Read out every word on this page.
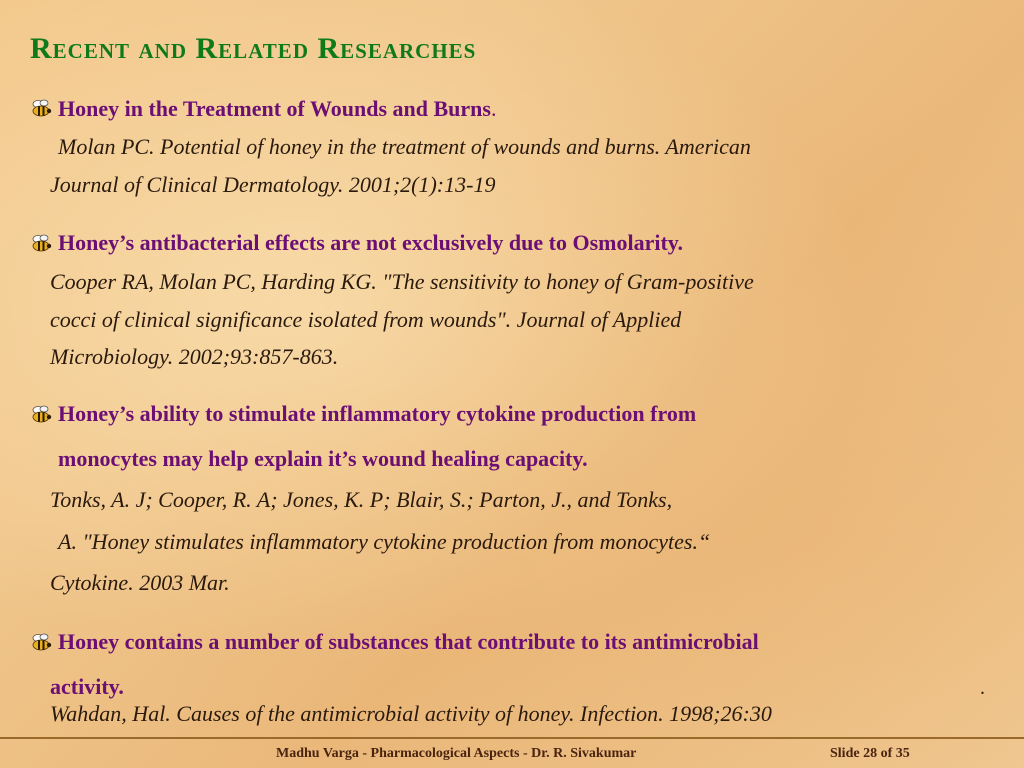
Recent and Related Researches

Honey in the Treatment of Wounds and Burns.

Molan PC. Potential of honey in the treatment of wounds and burns. American

Journal of Clinical Dermatology. 2001;2(1):13-19

Honey’s antibacterial effects are not exclusively due to Osmolarity.

Cooper RA, Molan PC, Harding KG. "The sensitivity to honey of Gram-positive

cocci of clinical significance isolated from wounds". Journal of Applied

Microbiology. 2002;93:857-863.

Honey’s ability to stimulate inflammatory cytokine production from

monocytes may help explain it’s wound healing capacity.

Tonks, A. J; Cooper, R. A; Jones, K. P; Blair, S.; Parton, J., and Tonks,

A. "Honey stimulates inflammatory cytokine production from monocytes.“

Cytokine. 2003 Mar.

Honey contains a number of substances that contribute to its antimicrobial

activity.

Wahdan, Hal. Causes of the antimicrobial activity of honey. Infection. 1998;26:30

.

Madhu Varga - Pharmacological Aspects - Dr. R. Sivakumar	Slide 28 of 35
